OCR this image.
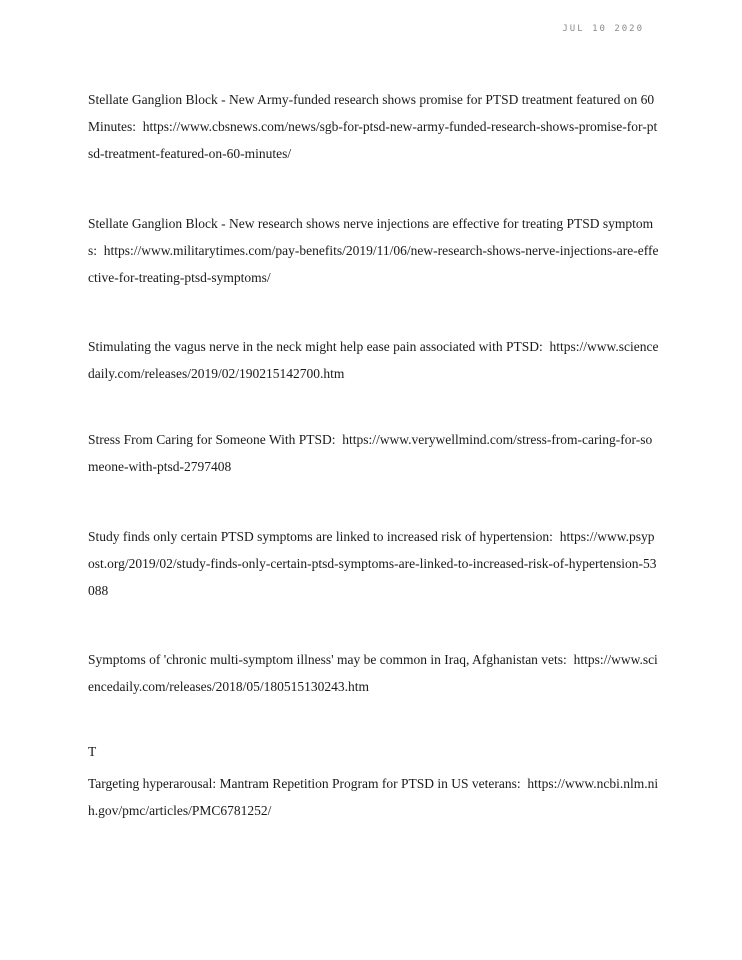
JUL 10 2020

Stellate Ganglion Block - New Army-funded research shows promise for PTSD treatment featured on 60 Minutes: https://www.cbsnews.com/news/sgb-for-ptsd-new-army-funded-research-shows-promise-for-ptsd-treatment-featured-on-60-minutes/

Stellate Ganglion Block - New research shows nerve injections are effective for treating PTSD symptoms: https://www.militarytimes.com/pay-benefits/2019/11/06/new-research-shows-nerve-injections-are-effective-for-treating-ptsd-symptoms/

Stimulating the vagus nerve in the neck might help ease pain associated with PTSD: https://www.sciencedaily.com/releases/2019/02/190215142700.htm

Stress From Caring for Someone With PTSD: https://www.verywellmind.com/stress-from-caring-for-someone-with-ptsd-2797408

Study finds only certain PTSD symptoms are linked to increased risk of hypertension: https://www.psypost.org/2019/02/study-finds-only-certain-ptsd-symptoms-are-linked-to-increased-risk-of-hypertension-53088

Symptoms of 'chronic multi-symptom illness' may be common in Iraq, Afghanistan vets: https://www.sciencedaily.com/releases/2018/05/180515130243.htm

T

Targeting hyperarousal: Mantram Repetition Program for PTSD in US veterans: https://www.ncbi.nlm.nih.gov/pmc/articles/PMC6781252/
